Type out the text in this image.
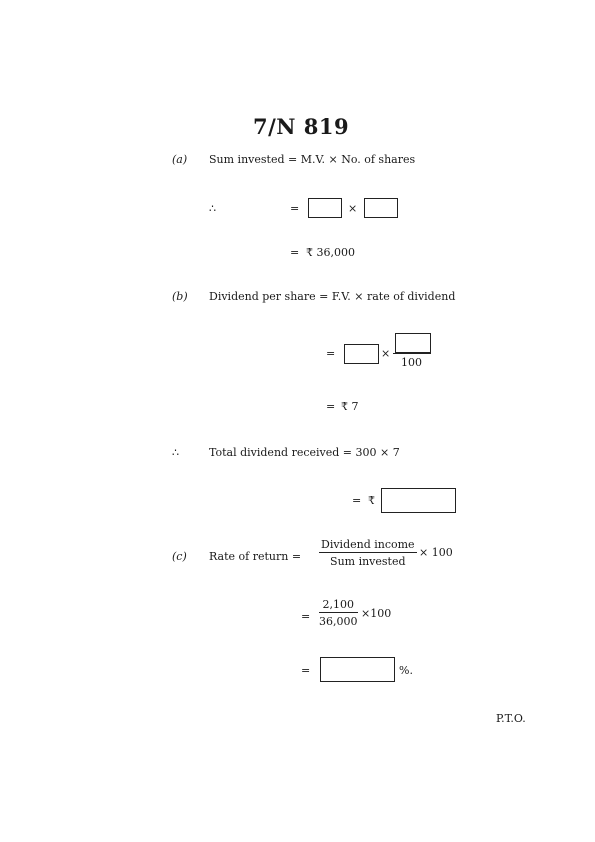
7/N 819
(a) Sum invested = M.V. × No. of shares
∴	=	×
= ₹ 36,000
(b) Dividend per share = F.V. × rate of dividend
=	×
100
= ₹ 7
∴	Total dividend received = 300 × 7
= ₹
(c) Rate of return =
Dividend income
Sum invested
× 100
= $\frac{2,100}{36,000} \times 100$
=	%.
P.T.O.
